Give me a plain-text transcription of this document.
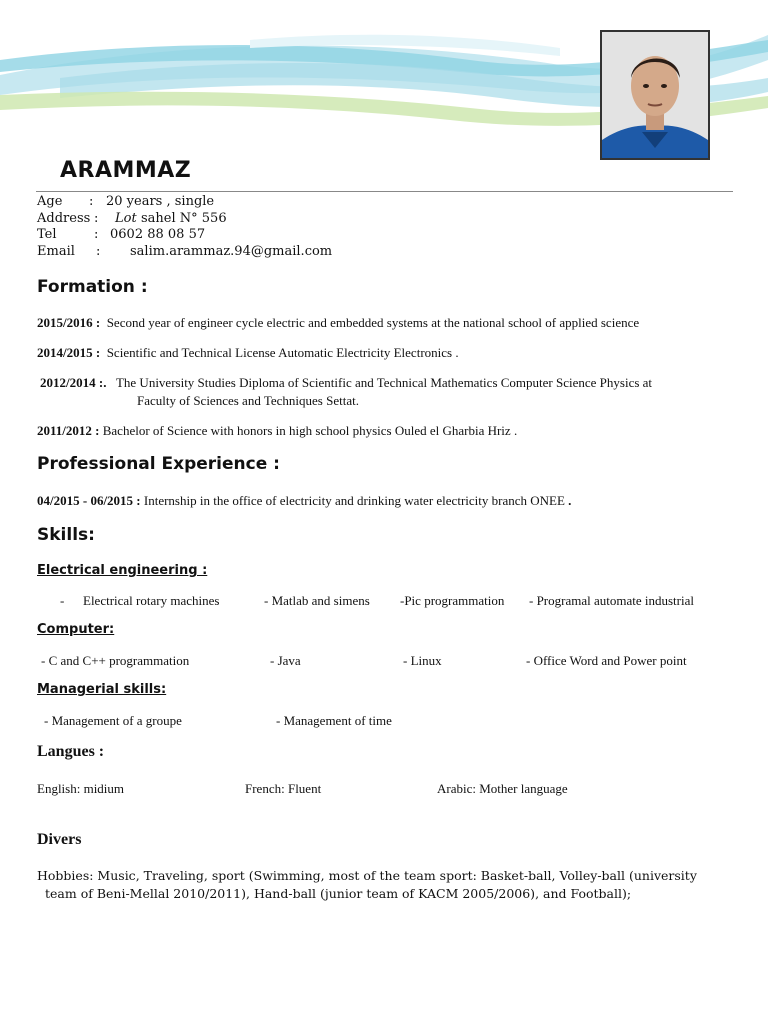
ARAMMAZ
Age : 20 years , single
Address : Lot sahel N° 556
Tel	: 0602 88 08 57
Email : salim.arammaz.94@gmail.com
Formation :
2015/2016 : Second year of engineer cycle electric and embedded systems at the national school of applied science
2014/2015 : Scientific and Technical License Automatic Electricity Electronics .
2012/2014 :. The University Studies Diploma of Scientific and Technical Mathematics Computer Science Physics at
Faculty of Sciences and Techniques Settat.
2011/2012 : Bachelor of Science with honors in high school physics Ouled el Gharbia Hriz .
Professional Experience :
04/2015 - 06/2015 : Internship in the office of electricity and drinking water electricity branch ONEE .
Skills:
Electrical engineering :
- Electrical rotary machines	- Matlab and simens -Pic programmation - Programal automate industrial
Computer:
- C and C++ programmation	- Java	- Linux	- Office Word and Power point
Managerial skills:
- Management of a groupe	- Management of time
Langues :
English: midium	French: Fluent	Arabic: Mother language
Divers
Hobbies: Music, Traveling, sport (Swimming, most of the team sport: Basket-ball, Volley-ball (university
team of Beni-Mellal 2010/2011), Hand-ball (junior team of KACM 2005/2006), and Football);
